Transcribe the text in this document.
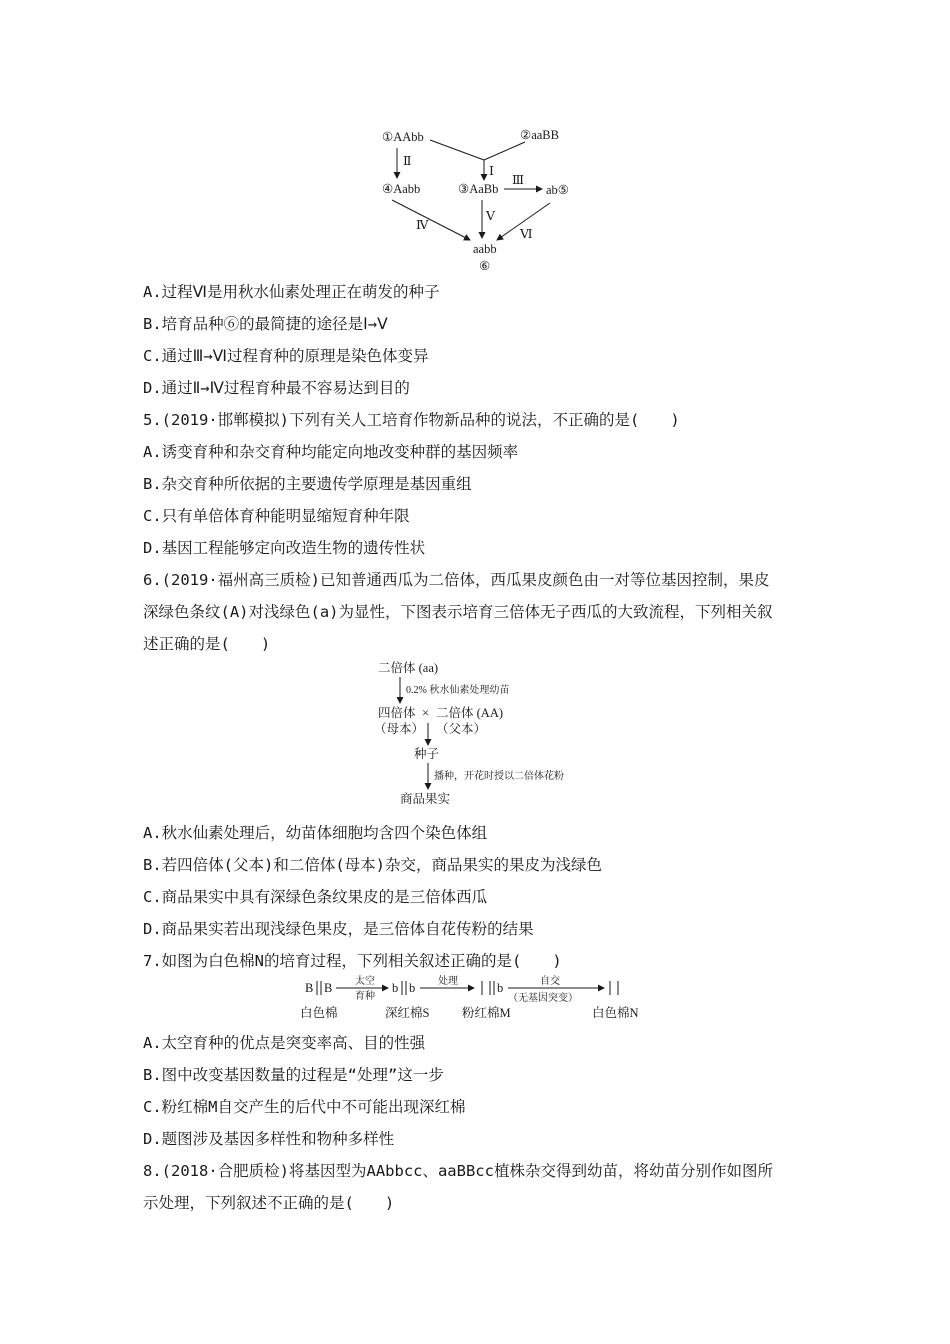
①AAbb	②aaBB
④Aabb	③AaBb	ab⑤
aabb
⑥
Ⅱ
Ⅰ
Ⅲ
Ⅴ
Ⅳ
Ⅵ
A.过程Ⅵ是用秋水仙素处理正在萌发的种子
B.培育品种⑥的最简捷的途径是Ⅰ→Ⅴ
C.通过Ⅲ→Ⅵ过程育种的原理是染色体变异
D.通过Ⅱ→Ⅳ过程育种最不容易达到目的
5.(2019·邯郸模拟)下列有关人工培育作物新品种的说法，不正确的是(　　)
A.诱变育种和杂交育种均能定向地改变种群的基因频率
B.杂交育种所依据的主要遗传学原理是基因重组
C.只有单倍体育种能明显缩短育种年限
D.基因工程能够定向改造生物的遗传性状
6.(2019·福州高三质检)已知普通西瓜为二倍体，西瓜果皮颜色由一对等位基因控制，果皮
深绿色条纹(A)对浅绿色(a)为显性，下图表示培育三倍体无子西瓜的大致流程，下列相关叙
述正确的是(　　)
二倍体 (aa)
0.2% 秋水仙素处理幼苗
四倍体 × 二倍体 (AA)
（母本） （父本）
种子
播种，开花时授以二倍体花粉
商品果实
A.秋水仙素处理后，幼苗体细胞均含四个染色体组
B.若四倍体(父本)和二倍体(母本)杂交，商品果实的果皮为浅绿色
C.商品果实中具有深绿色条纹果皮的是三倍体西瓜
D.商品果实若出现浅绿色果皮，是三倍体自花传粉的结果
7.如图为白色棉N的培育过程，下列相关叙述正确的是(　　)
B B 太空
育种
b b 处理	b	自交
（无基因突变）
白色棉	深红棉S	粉红棉M	白色棉N
A.太空育种的优点是突变率高、目的性强
B.图中改变基因数量的过程是“处理”这一步
C.粉红棉M自交产生的后代中不可能出现深红棉
D.题图涉及基因多样性和物种多样性
8.(2018·合肥质检)将基因型为AAbbcc、aaBBcc植株杂交得到幼苗，将幼苗分别作如图所
示处理，下列叙述不正确的是(　　)
